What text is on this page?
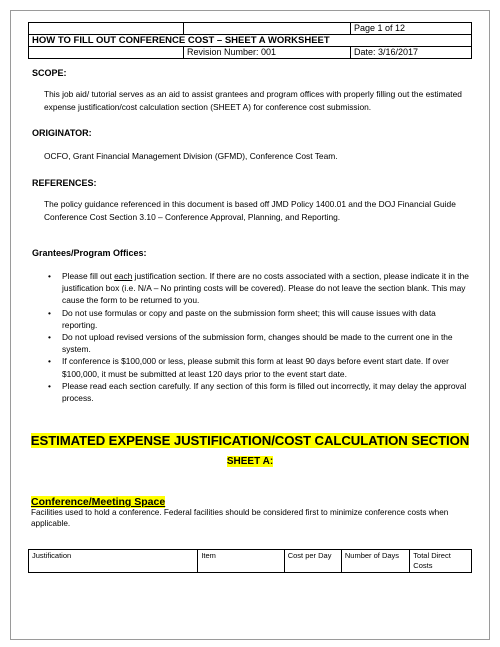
		Page 1 of 12
HOW TO FILL OUT CONFERENCE COST – SHEET A WORKSHEET		
	Revision Number: 001	Date: 3/16/2017
SCOPE:
This job aid/ tutorial serves as an aid to assist grantees and program offices with properly filling out the estimated expense justification/cost calculation section (SHEET A) for conference cost submission.
ORIGINATOR:
OCFO, Grant Financial Management Division (GFMD), Conference Cost Team.
REFERENCES:
The policy guidance referenced in this document is based off JMD Policy 1400.01 and the DOJ Financial Guide Conference Cost Section 3.10 – Conference Approval, Planning, and Reporting.
Grantees/Program Offices:
• Please fill out each justification section. If there are no costs associated with a section, please indicate it in the justification box (i.e. N/A – No printing costs will be covered). Please do not leave the section blank. This may cause the form to be returned to you.
• Do not use formulas or copy and paste on the submission form sheet; this will cause issues with data reporting.
• Do not upload revised versions of the submission form, changes should be made to the current one in the system.
• If conference is $100,000 or less, please submit this form at least 90 days before event start date. If over $100,000, it must be submitted at least 120 days prior to the event start date.
• Please read each section carefully. If any section of this form is filled out incorrectly, it may delay the approval process.
ESTIMATED EXPENSE JUSTIFICATION/COST CALCULATION SECTION
SHEET A:
Conference/Meeting Space
Facilities used to hold a conference. Federal facilities should be considered first to minimize conference costs when applicable.
Justification	Item	Cost per Day	Number of Days	Total Direct Costs
